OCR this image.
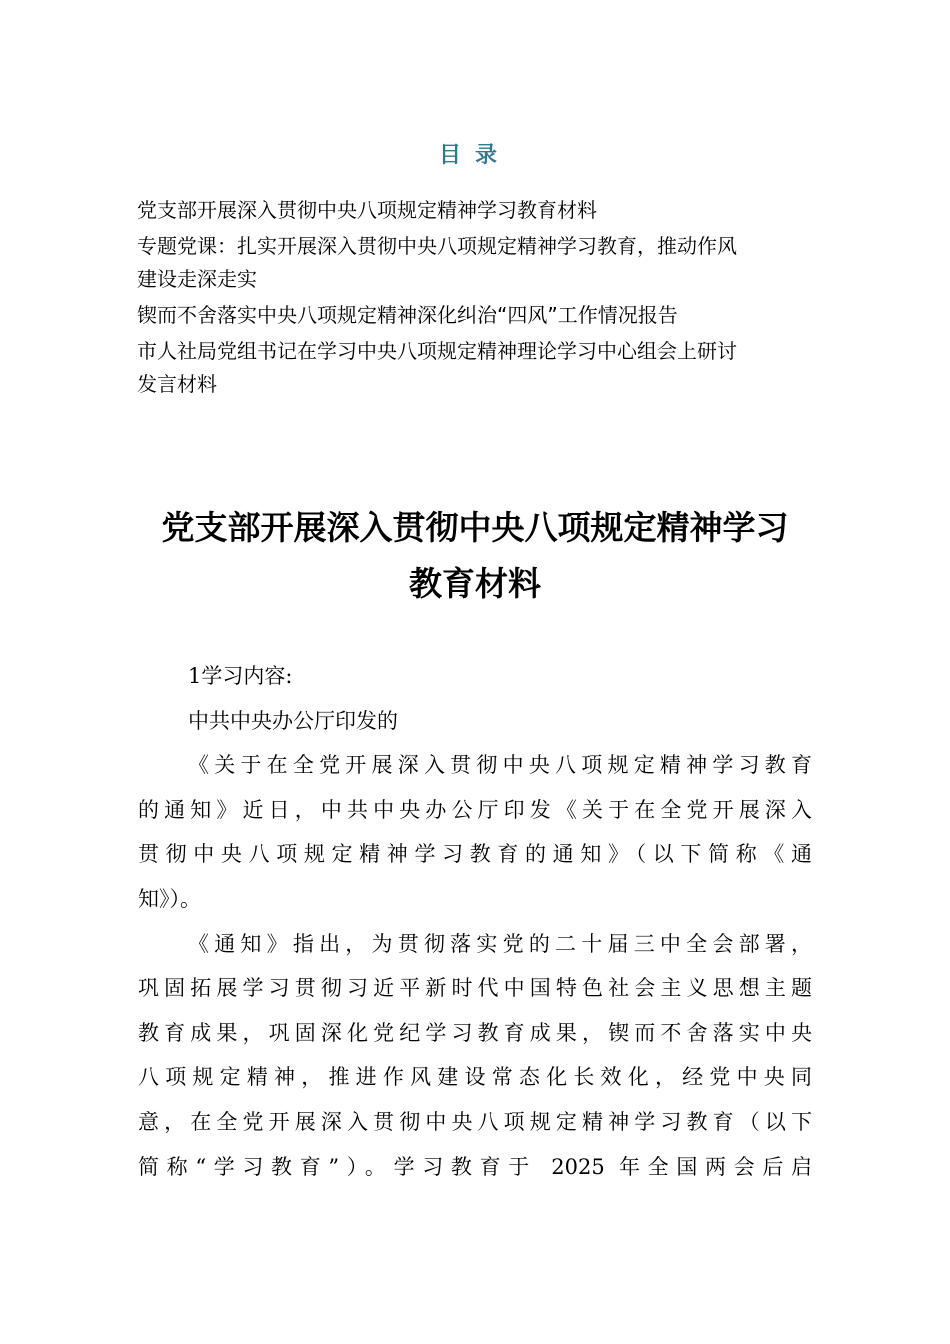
目录
党支部开展深入贯彻中央八项规定精神学习教育材料
专题党课：扎实开展深入贯彻中央八项规定精神学习教育，推动作风
建设走深走实
锲而不舍落实中央八项规定精神深化纠治“四风”工作情况报告
市人社局党组书记在学习中央八项规定精神理论学习中心组会上研讨
发言材料
党支部开展深入贯彻中央八项规定精神学习
教育材料
1学习内容:
中共中央办公厅印发的
《关于在全党开展深入贯彻中央八项规定精神学习教育
的通知》近日，中共中央办公厅印发《关于在全党开展深入
贯彻中央八项规定精神学习教育的通知》（以下简称《通
知》）。
《通知》指出，为贯彻落实党的二十届三中全会部署，
巩固拓展学习贯彻习近平新时代中国特色社会主义思想主题
教育成果，巩固深化党纪学习教育成果，锲而不舍落实中央
八项规定精神，推进作风建设常态化长效化，经党中央同
意，在全党开展深入贯彻中央八项规定精神学习教育（以下
简称“学习教育”）。学习教育于 2025 年全国两会后启
